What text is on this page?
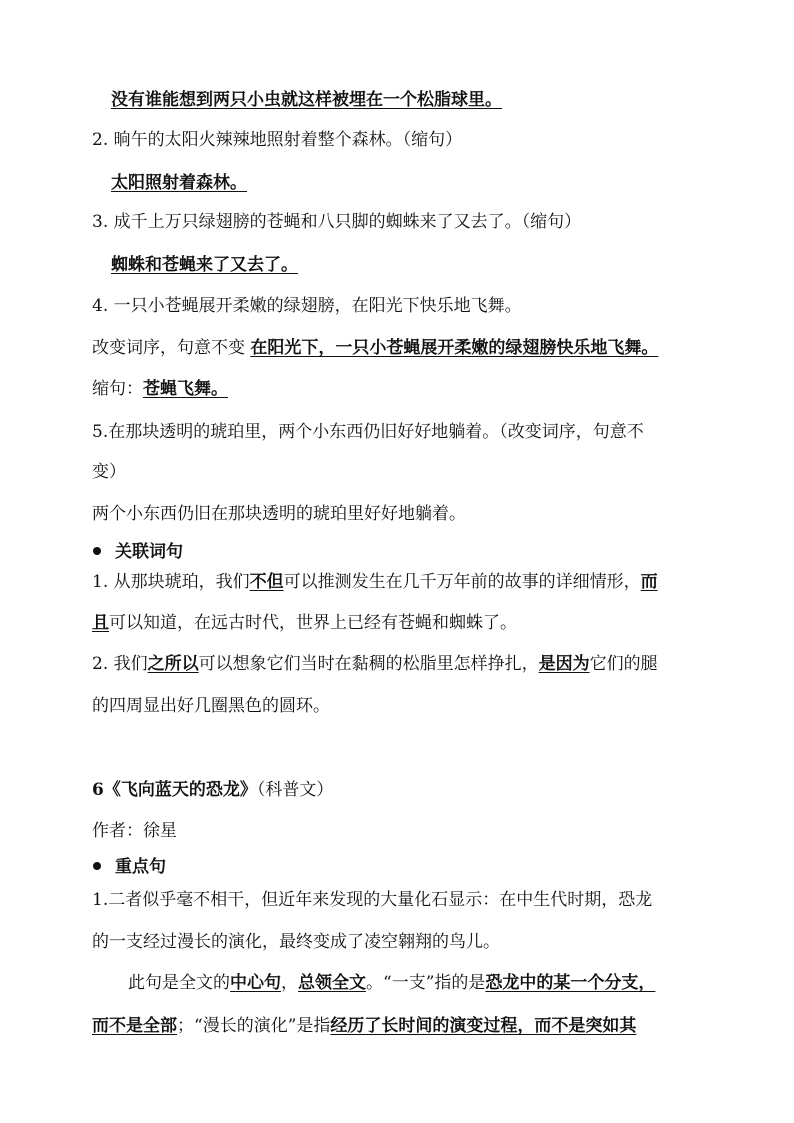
没有谁能想到两只小虫就这样被埋在一个松脂球里。
2. 晌午的太阳火辣辣地照射着整个森林。（缩句）
太阳照射着森林。
3. 成千上万只绿翅膀的苍蝇和八只脚的蜘蛛来了又去了。（缩句）
蜘蛛和苍蝇来了又去了。
4. 一只小苍蝇展开柔嫩的绿翅膀，在阳光下快乐地飞舞。
改变词序，句意不变 在阳光下，一只小苍蝇展开柔嫩的绿翅膀快乐地飞舞。
缩句：苍蝇飞舞。
5.在那块透明的琥珀里，两个小东西仍旧好好地躺着。（改变词序，句意不
变）
两个小东西仍旧在那块透明的琥珀里好好地躺着。
关联词句
1. 从那块琥珀，我们不但可以推测发生在几千万年前的故事的详细情形，而
且可以知道，在远古时代，世界上已经有苍蝇和蜘蛛了。
2. 我们之所以可以想象它们当时在黏稠的松脂里怎样挣扎，是因为它们的腿
的四周显出好几圈黑色的圆环。
6《飞向蓝天的恐龙》（科普文）
作者：徐星
重点句
1.二者似乎毫不相干，但近年来发现的大量化石显示：在中生代时期，恐龙
的一支经过漫长的演化，最终变成了凌空翱翔的鸟儿。
此句是全文的中心句，总领全文。“一支”指的是恐龙中的某一个分支，
而不是全部；“漫长的演化”是指经历了长时间的演变过程，而不是突如其
